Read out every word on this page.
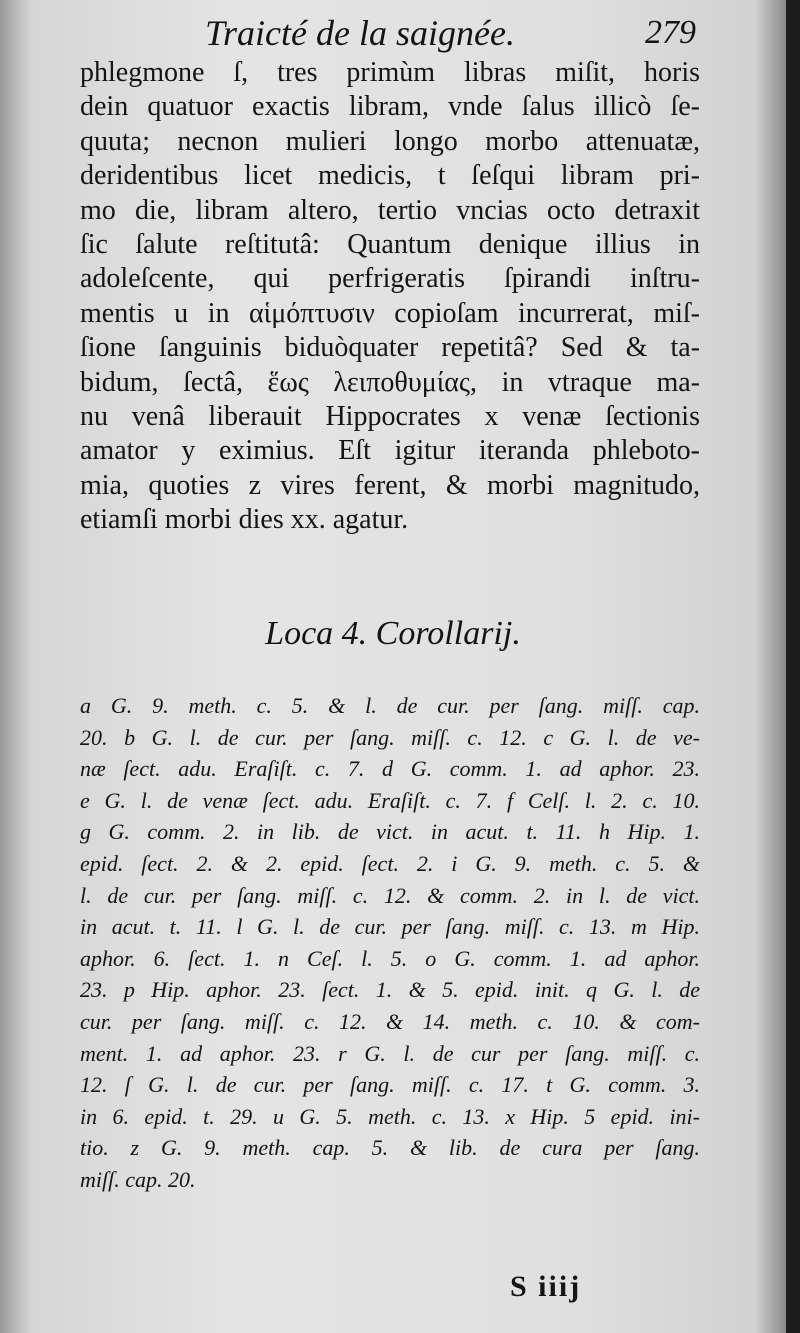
Traicté de la saignée.	279
phlegmone ſ, tres primùm libras miſit, horis
dein quatuor exactis libram, vnde ſalus illicò ſe-
quuta; necnon mulieri longo morbo attenuatæ,
deridentibus licet medicis, t ſeſqui libram pri-
mo die, libram altero, tertio vncias octo detraxit
ſic ſalute reſtitutâ: Quantum denique illius in
adoleſcente, qui perfrigeratis ſpirandi inſtru-
mentis u in αἱμόπτυσιν copioſam incurrerat, miſ-
ſione ſanguinis biduòquater repetitâ? Sed & ta-
bidum, ſectâ, ἕως λειποθυμίας, in vtraque ma-
nu venâ liberauit Hippocrates x venæ ſectionis
amator y eximius. Eſt igitur iteranda phleboto-
mia, quoties z vires ferent, & morbi magnitudo,
etiamſi morbi dies xx. agatur.
Loca 4. Corollarij.
a G. 9. meth. c. 5. & l. de cur. per ſang. miſſ. cap.
20. b G. l. de cur. per ſang. miſſ. c. 12. c G. l. de ve-
næ ſect. adu. Eraſiſt. c. 7. d G. comm. 1. ad aphor. 23.
e G. l. de venæ ſect. adu. Eraſiſt. c. 7. f Celſ. l. 2. c. 10.
g G. comm. 2. in lib. de vict. in acut. t. 11. h Hip. 1.
epid. ſect. 2. & 2. epid. ſect. 2. i G. 9. meth. c. 5. &
l. de cur. per ſang. miſſ. c. 12. & comm. 2. in l. de vict.
in acut. t. 11. l G. l. de cur. per ſang. miſſ. c. 13. m Hip.
aphor. 6. ſect. 1. n Ceſ. l. 5. o G. comm. 1. ad aphor.
23. p Hip. aphor. 23. ſect. 1. & 5. epid. init. q G. l. de
cur. per ſang. miſſ. c. 12. & 14. meth. c. 10. & com-
ment. 1. ad aphor. 23. r G. l. de cur per ſang. miſſ. c.
12. ſ G. l. de cur. per ſang. miſſ. c. 17. t G. comm. 3.
in 6. epid. t. 29. u G. 5. meth. c. 13. x Hip. 5 epid. ini-
tio. z G. 9. meth. cap. 5. & lib. de cura per ſang.
miſſ. cap. 20.
S iiij
